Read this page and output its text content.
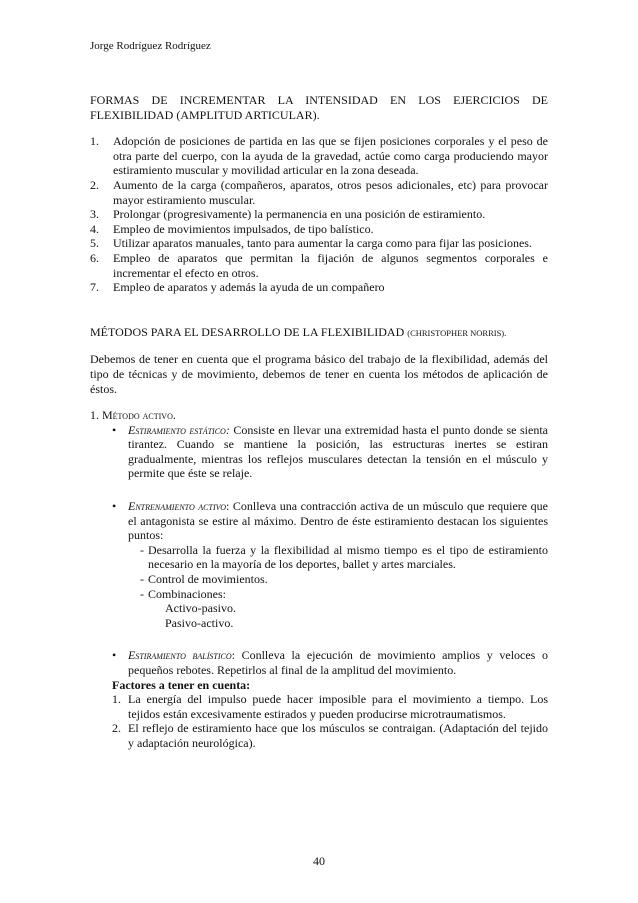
Jorge Rodríguez Rodríguez
FORMAS DE INCREMENTAR LA INTENSIDAD EN LOS EJERCICIOS DE
FLEXIBILIDAD (AMPLITUD ARTICULAR).
1. Adopción de posiciones de partida en las que se fijen posiciones corporales y el peso de otra parte del cuerpo, con la ayuda de la gravedad, actúe como carga produciendo mayor estiramiento muscular y movilidad articular en la zona deseada.
2. Aumento de la carga (compañeros, aparatos, otros pesos adicionales, etc) para provocar mayor estiramiento muscular.
3. Prolongar (progresivamente) la permanencia en una posición de estiramiento.
4. Empleo de movimientos impulsados, de tipo balístico.
5. Utilizar aparatos manuales, tanto para aumentar la carga como para fijar las posiciones.
6. Empleo de aparatos que permitan la fijación de algunos segmentos corporales e incrementar el efecto en otros.
7. Empleo de aparatos y además la ayuda de un compañero
MÉTODOS PARA EL DESARROLLO DE LA FLEXIBILIDAD (CHRISTOPHER NORRIS).
Debemos de tener en cuenta que el programa básico del trabajo de la flexibilidad, además del tipo de técnicas y de movimiento, debemos de tener en cuenta los métodos de aplicación de éstos.
1. Método activo.
• Estiramiento estático: Consiste en llevar una extremidad hasta el punto donde se sienta tirantez. Cuando se mantiene la posición, las estructuras inertes se estiran gradualmente, mientras los reflejos musculares detectan la tensión en el músculo y permite que éste se relaje.
• Entrenamiento activo: Conlleva una contracción activa de un músculo que requiere que el antagonista se estire al máximo. Dentro de éste estiramiento destacan los siguientes puntos:
- Desarrolla la fuerza y la flexibilidad al mismo tiempo es el tipo de estiramiento necesario en la mayoría de los deportes, ballet y artes marciales.
- Control de movimientos.
- Combinaciones:
Activo-pasivo.
Pasivo-activo.
• Estiramiento balístico: Conlleva la ejecución de movimiento amplios y veloces o pequeños rebotes. Repetirlos al final de la amplitud del movimiento.
Factores a tener en cuenta:
1. La energía del impulso puede hacer imposible para el movimiento a tiempo. Los tejidos están excesivamente estirados y pueden producirse microtraumatismos.
2. El reflejo de estiramiento hace que los músculos se contraigan. (Adaptación del tejido y adaptación neurológica).
40
